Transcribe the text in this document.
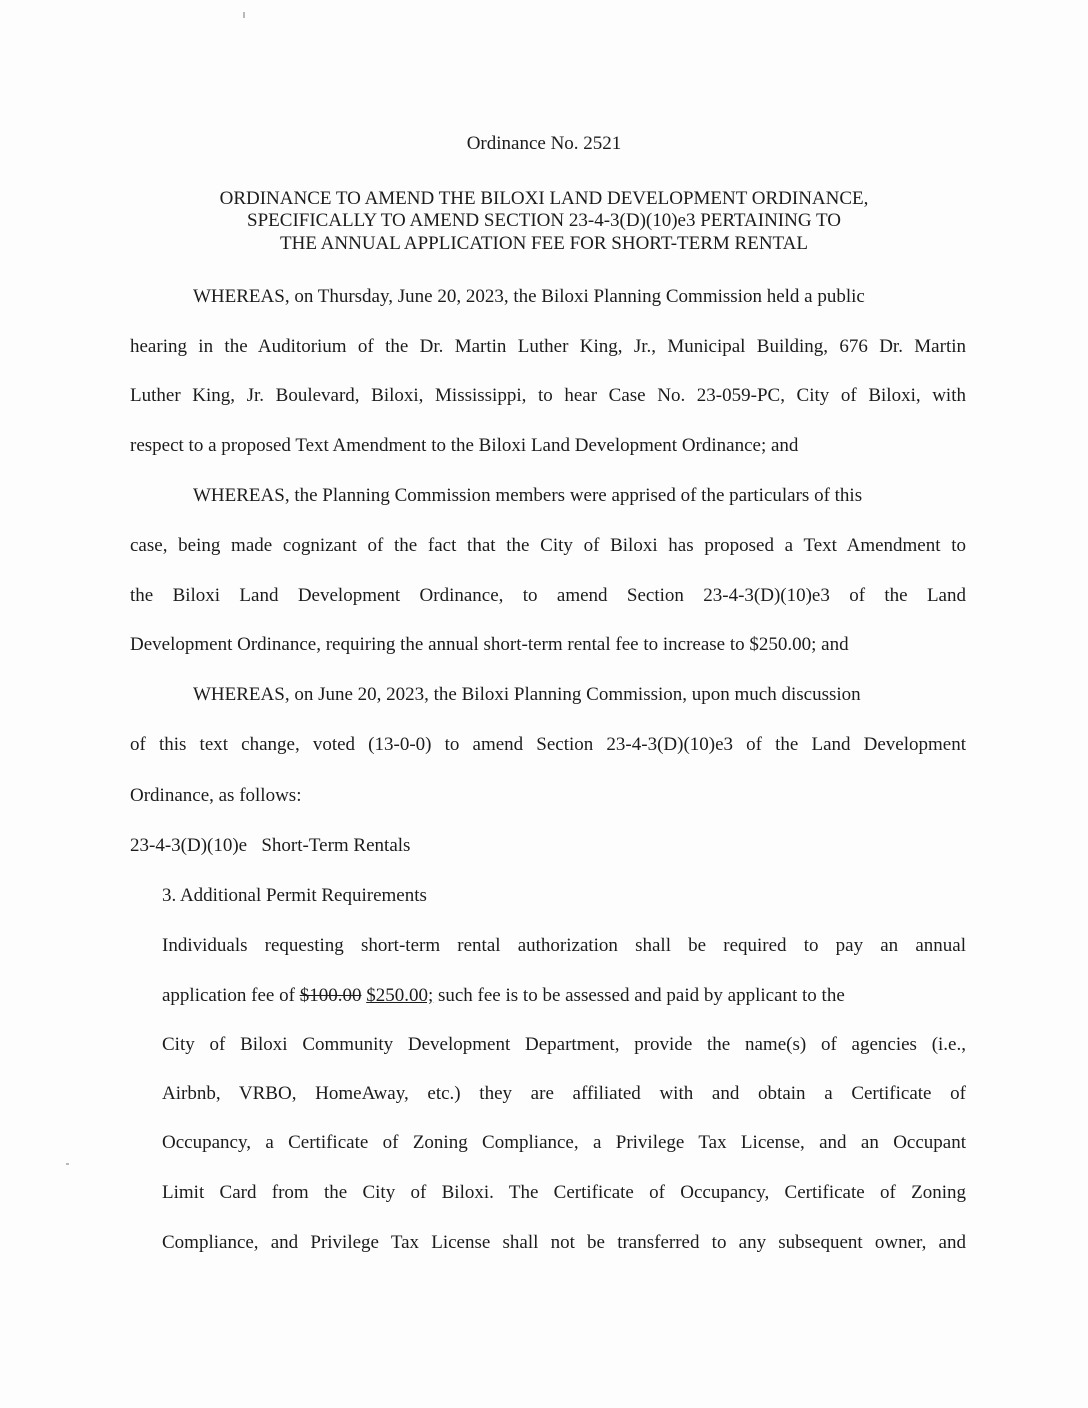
Ordinance No. 2521
ORDINANCE TO AMEND THE BILOXI LAND DEVELOPMENT ORDINANCE,
SPECIFICALLY TO AMEND SECTION 23-4-3(D)(10)e3 PERTAINING TO
THE ANNUAL APPLICATION FEE FOR SHORT-TERM RENTAL
WHEREAS, on Thursday, June 20, 2023, the Biloxi Planning Commission held a public
hearing in the Auditorium of the Dr. Martin Luther King, Jr., Municipal Building, 676 Dr. Martin
Luther King, Jr. Boulevard, Biloxi, Mississippi, to hear Case No. 23-059-PC, City of Biloxi, with
respect to a proposed Text Amendment to the Biloxi Land Development Ordinance; and
WHEREAS, the Planning Commission members were apprised of the particulars of this
case, being made cognizant of the fact that the City of Biloxi has proposed a Text Amendment to
the Biloxi Land Development Ordinance, to amend Section 23-4-3(D)(10)e3 of the Land
Development Ordinance, requiring the annual short-term rental fee to increase to $250.00; and
WHEREAS, on June 20, 2023, the Biloxi Planning Commission, upon much discussion
of this text change, voted (13-0-0) to amend Section 23-4-3(D)(10)e3 of the Land Development
Ordinance, as follows:
23-4-3(D)(10)e   Short-Term Rentals
3. Additional Permit Requirements
Individuals requesting short-term rental authorization shall be required to pay an annual
application fee of $100.00 $250.00; such fee is to be assessed and paid by applicant to the
City of Biloxi Community Development Department, provide the name(s) of agencies (i.e.,
Airbnb, VRBO, HomeAway, etc.) they are affiliated with and obtain a Certificate of
Occupancy, a Certificate of Zoning Compliance, a Privilege Tax License, and an Occupant
Limit Card from the City of Biloxi. The Certificate of Occupancy, Certificate of Zoning
Compliance, and Privilege Tax License shall not be transferred to any subsequent owner, and
